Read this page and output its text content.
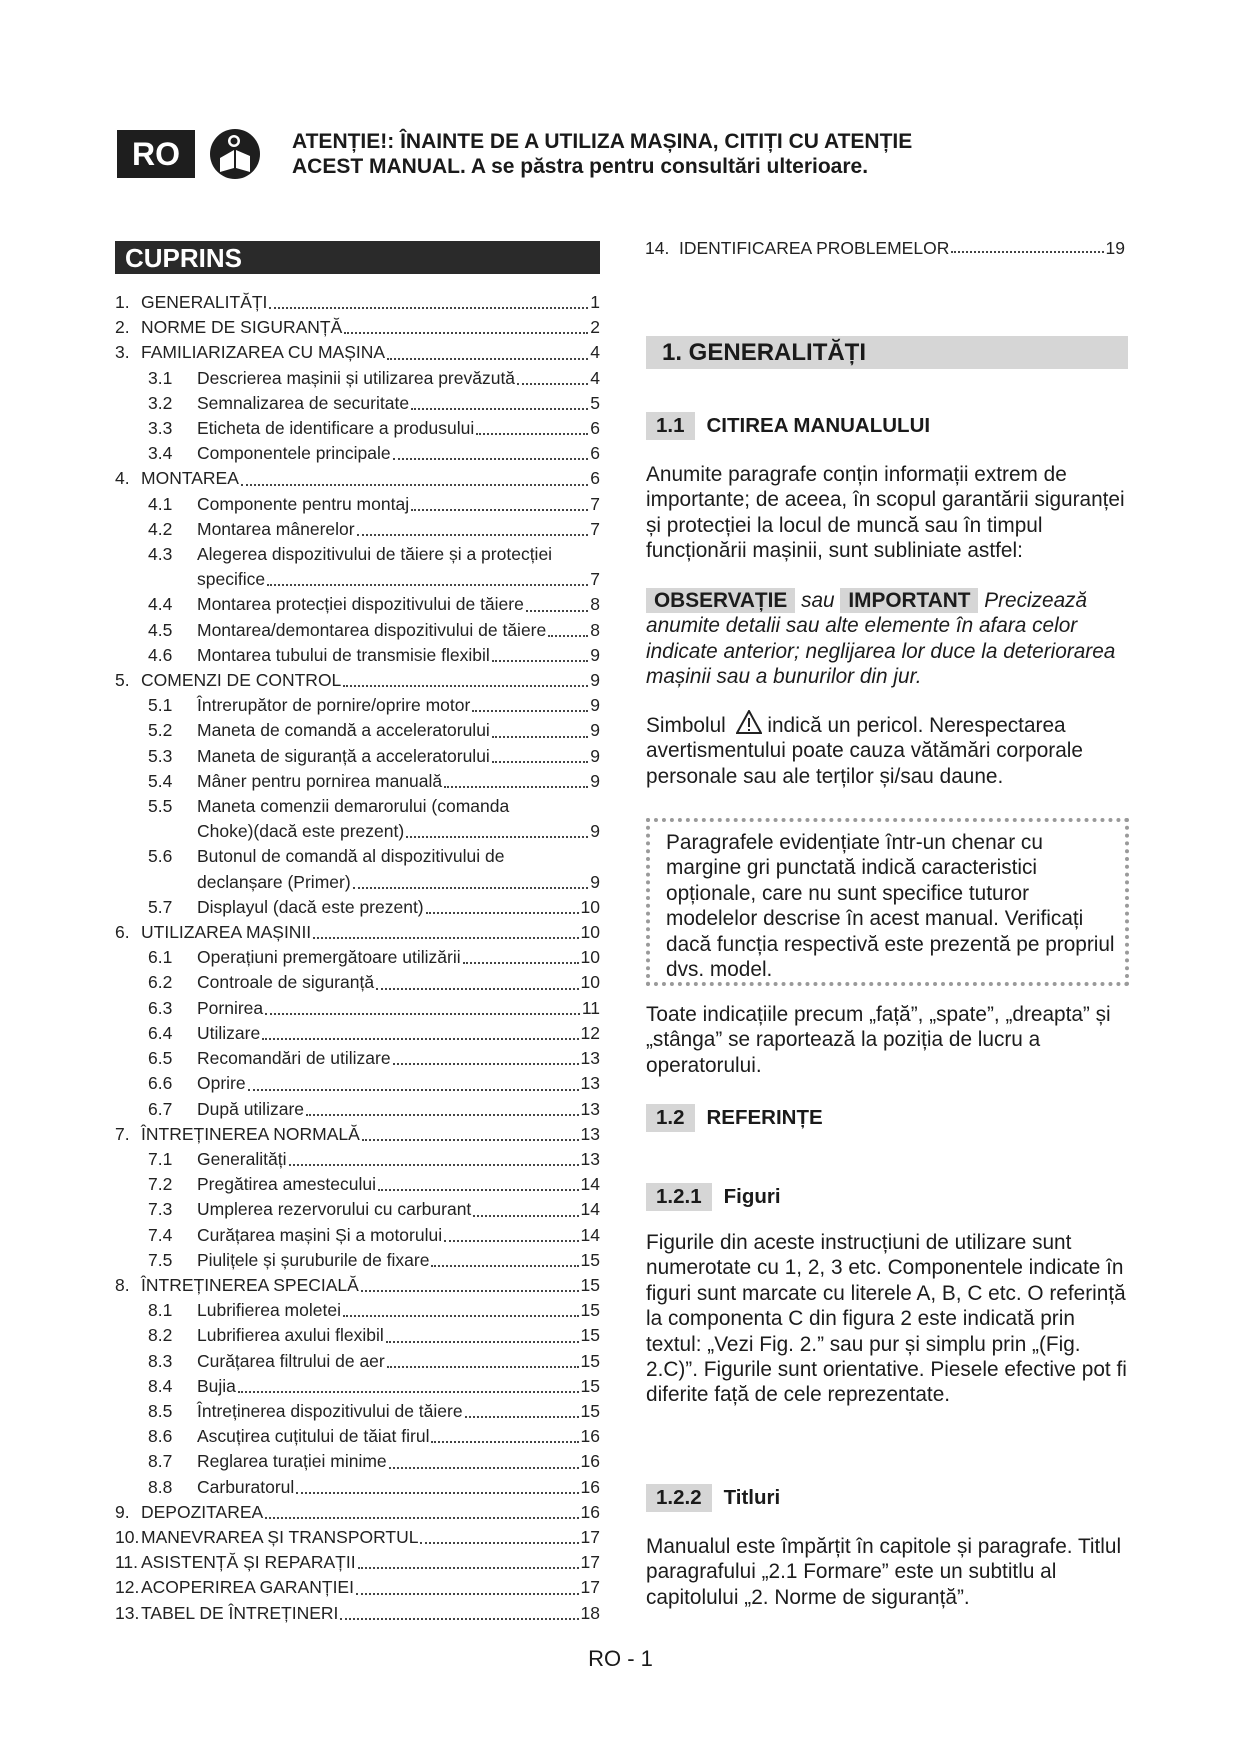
RO	ATENȚIE!: ÎNAINTE DE A UTILIZA MAȘINA, CITIȚI CU ATENȚIE
ACEST MANUAL. A se păstra pentru consultări ulterioare.
CUPRINS
1. GENERALITĂȚI	1
2. NORME DE SIGURANȚĂ	2
3. FAMILIARIZAREA CU MAȘINA	4
3.1	Descrierea mașinii și utilizarea prevăzută	4
3.2	Semnalizarea de securitate	5
3.3	Eticheta de identificare a produsului	6
3.4	Componentele principale	6
4. MONTAREA	6
4.1	Componente pentru montaj	7
4.2	Montarea mânerelor	7
4.3	Alegerea dispozitivului de tăiere și a protecției
specifice	7
4.4	Montarea protecției dispozitivului de tăiere	8
4.5	Montarea/demontarea dispozitivului de tăiere	8
4.6	Montarea tubului de transmisie flexibil	9
5. COMENZI DE CONTROL	9
5.1	Întrerupător de pornire/oprire motor	9
5.2	Maneta de comandă a acceleratorului	9
5.3	Maneta de siguranță a acceleratorului	9
5.4	Mâner pentru pornirea manuală	9
5.5	Maneta comenzii demarorului (comanda
Choke)(dacă este prezent)	9
5.6	Butonul de comandă al dispozitivului de
declanșare (Primer)	9
5.7	Displayul (dacă este prezent)	10
6. UTILIZAREA MAȘINII	10
6.1	Operațiuni premergătoare utilizării	10
6.2	Controale de siguranță	10
6.3	Pornirea	11
6.4	Utilizare	12
6.5	Recomandări de utilizare	13
6.6	Oprire	13
6.7	După utilizare	13
7. ÎNTREȚINEREA NORMALĂ	13
7.1	Generalități	13
7.2	Pregătirea amestecului	14
7.3	Umplerea rezervorului cu carburant	14
7.4	Curățarea mașini Și a motorului	14
7.5	Piulițele și șuruburile de fixare	15
8. ÎNTREȚINEREA SPECIALĂ	15
8.1	Lubrifierea moletei	15
8.2	Lubrifierea axului flexibil	15
8.3	Curățarea filtrului de aer	15
8.4	Bujia	15
8.5	Întreținerea dispozitivului de tăiere	15
8.6	Ascuțirea cuțitului de tăiat firul	16
8.7	Reglarea turației minime	16
8.8	Carburatorul	16
9. DEPOZITAREA	16
10. MANEVRAREA ȘI TRANSPORTUL	17
11. ASISTENȚĂ ȘI REPARAȚII	17
12. ACOPERIREA GARANȚIEI	17
13. TABEL DE ÎNTREȚINERI	18
14. IDENTIFICAREA PROBLEMELOR	19
1. GENERALITĂȚI
1.1	CITIREA MANUALULUI

Anumite paragrafe conțin informații extrem de importante; de aceea, în scopul garantării siguranței și protecției la locul de muncă sau în timpul funcționării mașinii, sunt subliniate astfel:

OBSERVAȚIE sau IMPORTANT Precizează anumite detalii sau alte elemente în afara celor indicate anterior; neglijarea lor duce la deteriorarea mașinii sau a bunurilor din jur.

Simbolul indică un pericol. Nerespectarea avertismentului poate cauza vătămări corporale personale sau ale terților și/sau daune.

Paragrafele evidențiate într-un chenar cu margine gri punctată indică caracteristici opționale, care nu sunt specifice tuturor modelelor descrise în acest manual. Verificați dacă funcția respectivă este prezentă pe propriul dvs. model.

Toate indicațiile precum „față”, „spate”, „dreapta” și „stânga” se raportează la poziția de lucru a operatorului.

1.2	REFERINȚE
1.2.1	Figuri

Figurile din aceste instrucțiuni de utilizare sunt numerotate cu 1, 2, 3 etc. Componentele indicate în figuri sunt marcate cu literele A, B, C etc. O referință la componenta C din figura 2 este indicată prin textul: „Vezi Fig. 2.” sau pur și simplu prin „(Fig. 2.C)”. Figurile sunt orientative. Piesele efective pot fi diferite față de cele reprezentate.

1.2.2	Titluri

Manualul este împărțit în capitole și paragrafe. Titlul paragrafului „2.1 Formare” este un subtitlu al capitolului „2. Norme de siguranță”.

RO - 1
